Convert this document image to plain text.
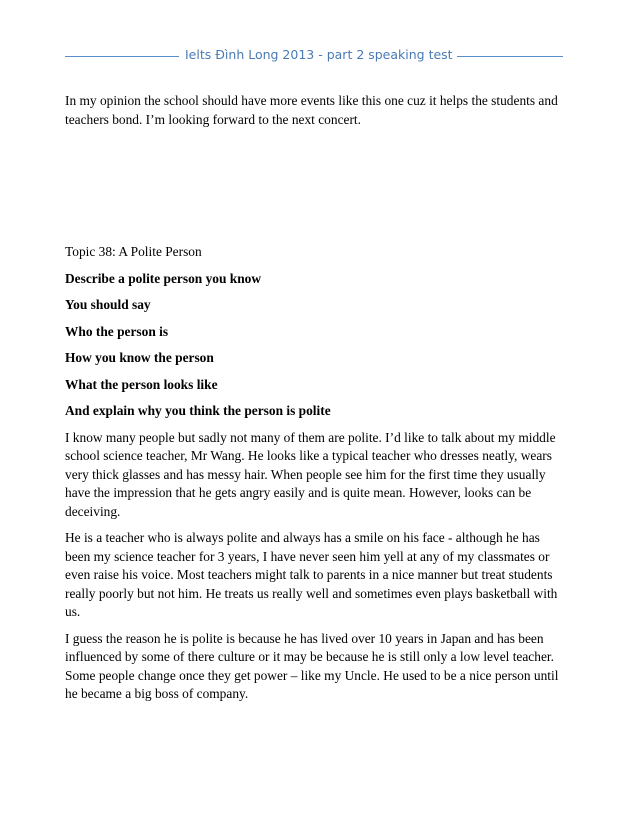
Ielts Đình Long 2013 - part 2 speaking test

In my opinion the school should have more events like this one cuz it helps the students and teachers bond. I’m looking forward to the next concert.

Topic 38: A Polite Person

Describe a polite person you know

You should say

Who the person is

How you know the person

What the person looks like

And explain why you think the person is polite

I know many people but sadly not many of them are polite. I’d like to talk about my middle school science teacher, Mr Wang. He looks like a typical teacher who dresses neatly, wears very thick glasses and has messy hair. When people see him for the first time they usually have the impression that he gets angry easily and is quite mean. However, looks can be deceiving.

He is a teacher who is always polite and always has a smile on his face - although he has been my science teacher for 3 years, I have never seen him yell at any of my classmates or even raise his voice. Most teachers might talk to parents in a nice manner but treat students really poorly but not him. He treats us really well and sometimes even plays basketball with us.

I guess the reason he is polite is because he has lived over 10 years in Japan and has been influenced by some of there culture or it may be because he is still only a low level teacher. Some people change once they get power – like my Uncle. He used to be a nice person until he became a big boss of company.
